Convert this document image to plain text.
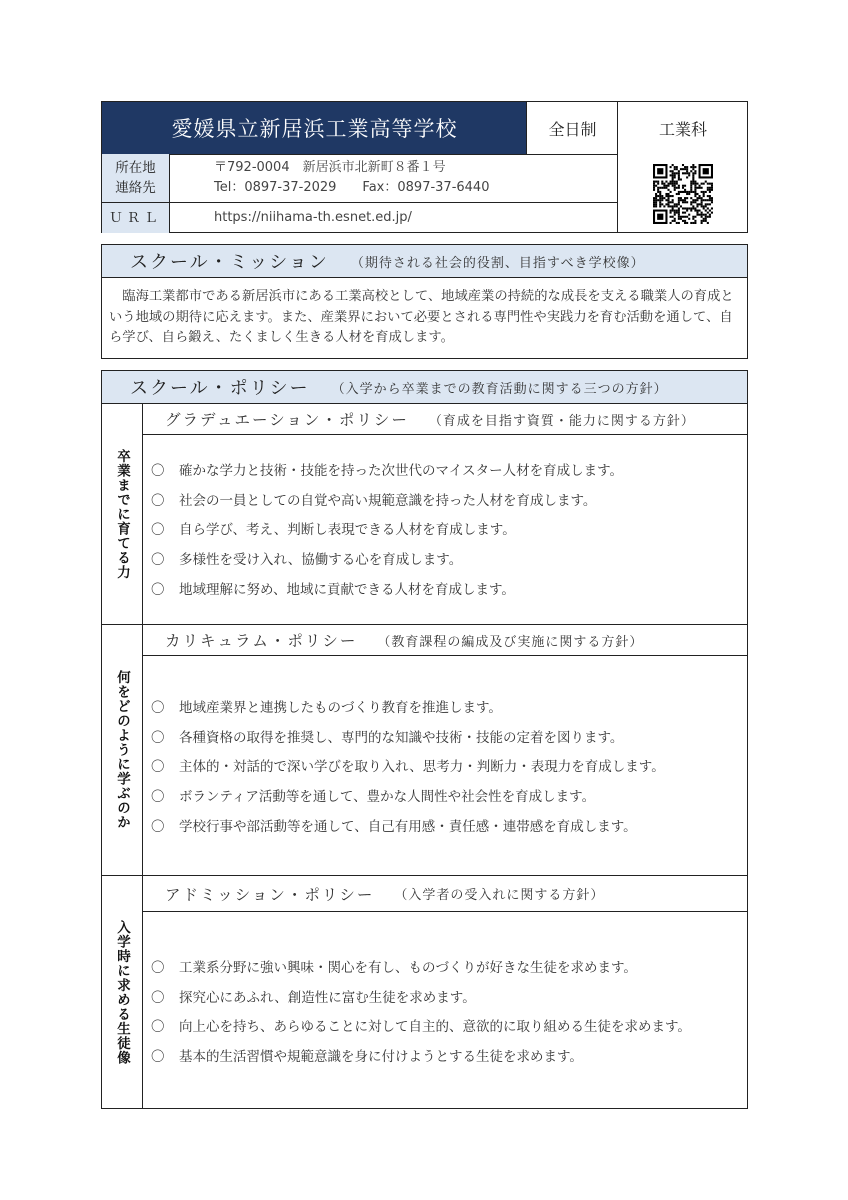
愛媛県立新居浜工業高等学校	全日制	工業科
所在地
連絡先
〒792-0004　新居浜市北新町８番１号
Tel：0897-37-2029　　Fax：0897-37-6440
ＵＲＬ	https://niihama-th.esnet.ed.jp/
スクール・ミッション （期待される社会的役割、目指すべき学校像）
臨海工業都市である新居浜市にある工業高校として、地域産業の持続的な成長を支える職業人の育成という地域の期待に応えます。また、産業界において必要とされる専門性や実践力を育む活動を通して、自ら学び、自ら鍛え、たくましく生きる人材を育成します。
スクール・ポリシー （入学から卒業までの教育活動に関する三つの方針）
卒業までに育てる力
グラデュエーション・ポリシー （育成を目指す資質・能力に関する方針）
〇 確かな学力と技術・技能を持った次世代のマイスター人材を育成します。
〇 社会の一員としての自覚や高い規範意識を持った人材を育成します。
〇 自ら学び、考え、判断し表現できる人材を育成します。
〇 多様性を受け入れ、協働する心を育成します。
〇 地域理解に努め、地域に貢献できる人材を育成します。
何をどのように学ぶのか
カリキュラム・ポリシー （教育課程の編成及び実施に関する方針）
〇 地域産業界と連携したものづくり教育を推進します。
〇 各種資格の取得を推奨し、専門的な知識や技術・技能の定着を図ります。
〇 主体的・対話的で深い学びを取り入れ、思考力・判断力・表現力を育成します。
〇 ボランティア活動等を通して、豊かな人間性や社会性を育成します。
〇 学校行事や部活動等を通して、自己有用感・責任感・連帯感を育成します。
入学時に求める生徒像
アドミッション・ポリシー （入学者の受入れに関する方針）
〇 工業系分野に強い興味・関心を有し、ものづくりが好きな生徒を求めます。
〇 探究心にあふれ、創造性に富む生徒を求めます。
〇 向上心を持ち、あらゆることに対して自主的、意欲的に取り組める生徒を求めます。
〇 基本的生活習慣や規範意識を身に付けようとする生徒を求めます。
